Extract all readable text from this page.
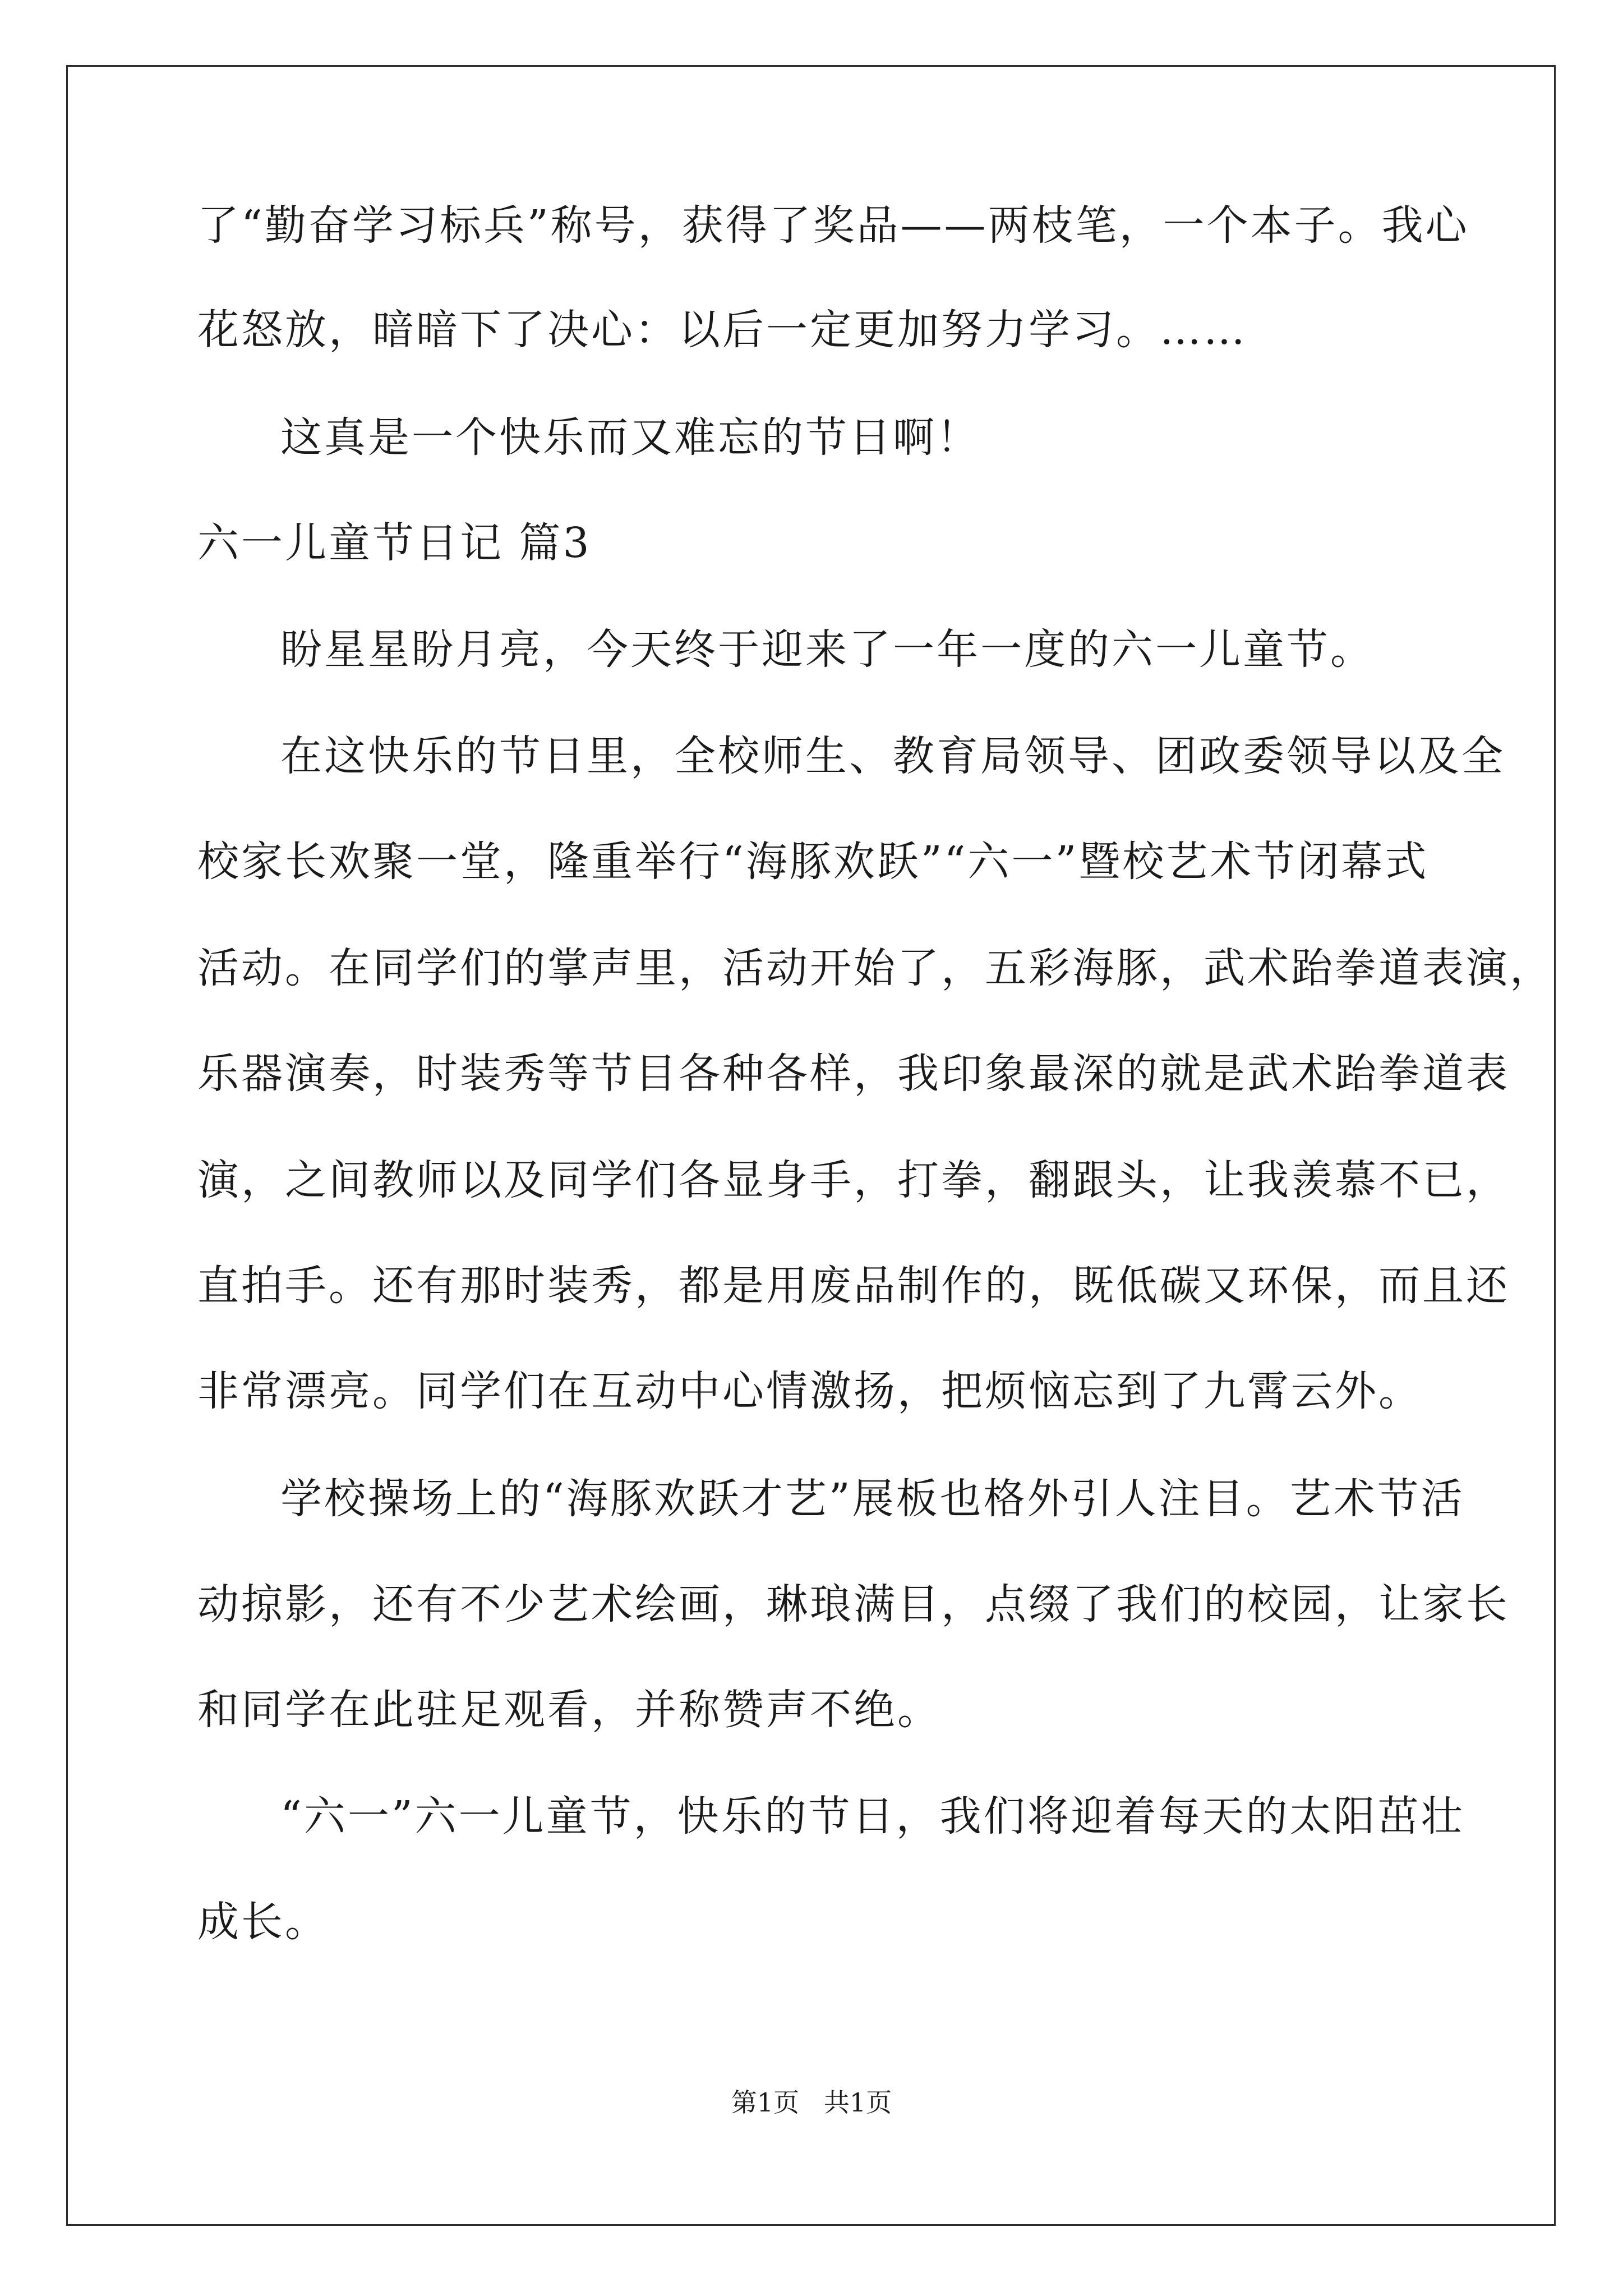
了“勤奋学习标兵”称号，获得了奖品——两枝笔，一个本子。我心
花怒放，暗暗下了决心：以后一定更加努力学习。……
这真是一个快乐而又难忘的节日啊！
六一儿童节日记 篇3
盼星星盼月亮，今天终于迎来了一年一度的六一儿童节。
在这快乐的节日里，全校师生、教育局领导、团政委领导以及全
校家长欢聚一堂，隆重举行“海豚欢跃”“六一”暨校艺术节闭幕式
活动。在同学们的掌声里，活动开始了，五彩海豚，武术跆拳道表演，
乐器演奏，时装秀等节目各种各样，我印象最深的就是武术跆拳道表
演，之间教师以及同学们各显身手，打拳，翻跟头，让我羡慕不已，
直拍手。还有那时装秀，都是用废品制作的，既低碳又环保，而且还
非常漂亮。同学们在互动中心情激扬，把烦恼忘到了九霄云外。
学校操场上的“海豚欢跃才艺”展板也格外引人注目。艺术节活
动掠影，还有不少艺术绘画，琳琅满目，点缀了我们的校园，让家长
和同学在此驻足观看，并称赞声不绝。
“六一”六一儿童节，快乐的节日，我们将迎着每天的太阳茁壮
成长。
第1页   共1页
